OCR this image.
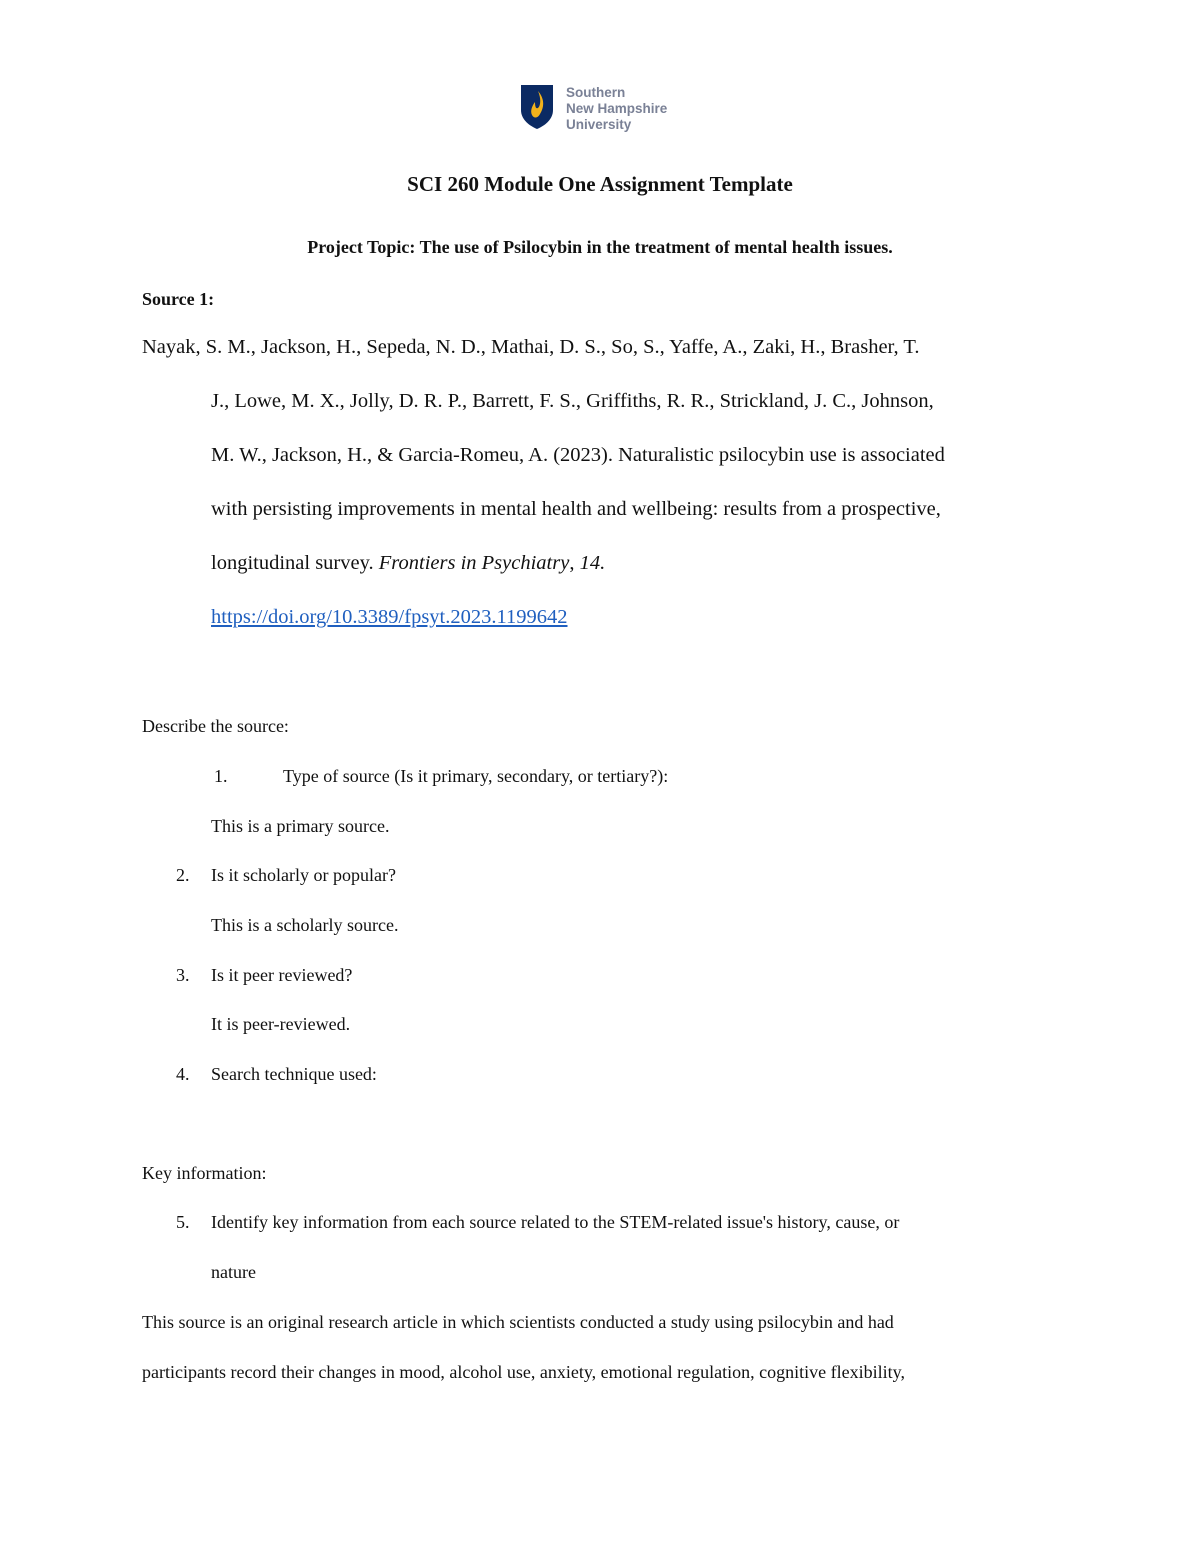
Southern
New Hampshire
University
SCI 260 Module One Assignment Template
Project Topic: The use of Psilocybin in the treatment of mental health issues.
Source 1:
Nayak, S. M., Jackson, H., Sepeda, N. D., Mathai, D. S., So, S., Yaffe, A., Zaki, H., Brasher, T.
J., Lowe, M. X., Jolly, D. R. P., Barrett, F. S., Griffiths, R. R., Strickland, J. C., Johnson,
M. W., Jackson, H., & Garcia-Romeu, A. (2023). Naturalistic psilocybin use is associated
with persisting improvements in mental health and wellbeing: results from a prospective,
longitudinal survey. Frontiers in Psychiatry, 14.
https://doi.org/10.3389/fpsyt.2023.1199642
Describe the source:
1.	Type of source (Is it primary, secondary, or tertiary?):
This is a primary source.
2. Is it scholarly or popular?
This is a scholarly source.
3. Is it peer reviewed?
It is peer-reviewed.
4. Search technique used:
Key information:
5. Identify key information from each source related to the STEM-related issue's history, cause, or
nature
This source is an original research article in which scientists conducted a study using psilocybin and had
participants record their changes in mood, alcohol use, anxiety, emotional regulation, cognitive flexibility,
